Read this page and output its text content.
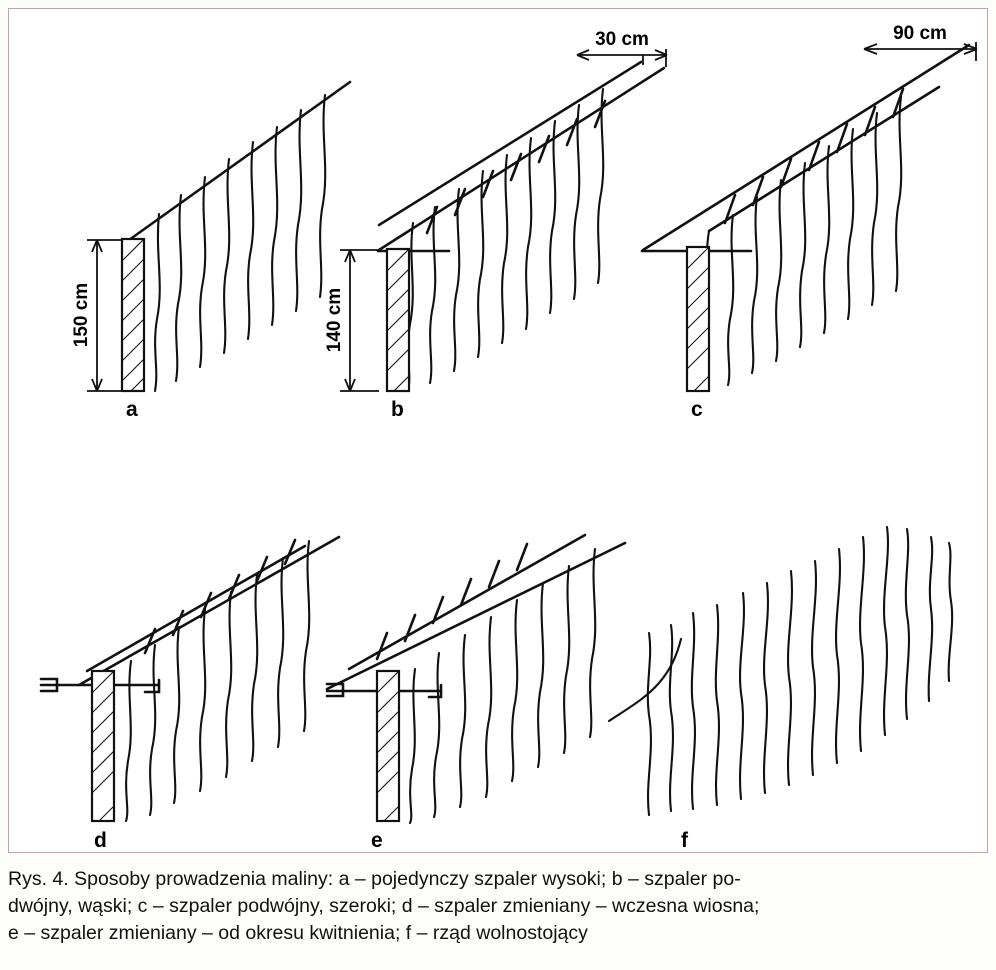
150 cm
a
140 cm
30 cm
b
90 cm
c
d	e	f
Rys. 4. Sposoby prowadzenia maliny: a – pojedynczy szpaler wysoki; b – szpaler po-
dwójny, wąski; c – szpaler podwójny, szeroki; d – szpaler zmieniany – wczesna wiosna;
e – szpaler zmieniany – od okresu kwitnienia; f – rząd wolnostojący
